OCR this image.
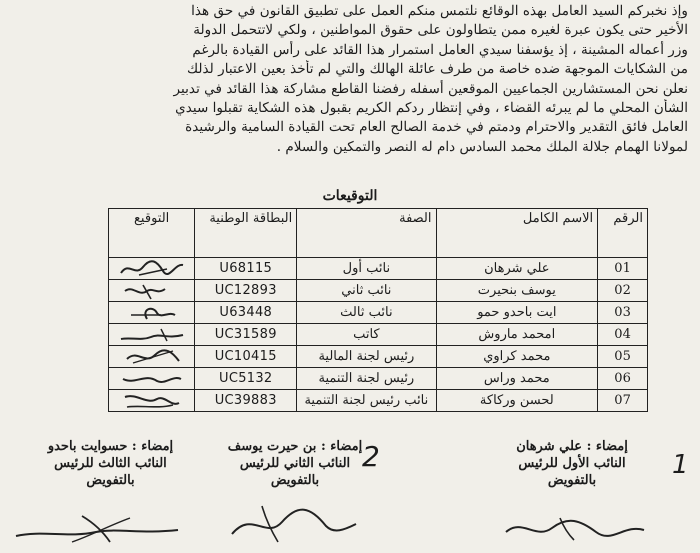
وإذ نخبركم السيد العامل بهذه الوقائع نلتمس منكم العمل على تطبيق القانون في حق هذا
الأخير حتى يكون عبرة لغيره ممن يتطاولون على حقوق المواطنين ، ولكي لاتتحمل الدولة
وزر أعماله المشينة ، إذ يؤسفنا سيدي العامل استمرار هذا القائد على رأس القيادة بالرغم
من الشكايات الموجهة ضده خاصة من طرف عائلة الهالك والتي لم تأخذ بعين الاعتبار لذلك
نعلن نحن المستشارين الجماعيين الموقعين أسفله رفضنا القاطع مشاركة هذا القائد في تدبير
الشأن المحلي ما لم يبرئه القضاء ، وفي إنتظار ردكم الكريم بقبول هذه الشكاية تقبلوا سيدي
العامل فائق التقدير والاحترام ودمتم في خدمة الصالح العام تحت القيادة السامية والرشيدة
لمولانا الهمام جلالة الملك محمد السادس دام له النصر والتمكين والسلام .
التوقيعات
الرقم	الاسم الكامل	الصفة	البطاقة الوطنية	التوقيع
01	علي شرهان	نائب أول	U68115	

02	يوسف بنحيرت	نائب ثاني	UC12893	

03	ايت باحدو حمو	نائب ثالث	U63448	

04	امحمد ماروش	كاتب	UC31589	

05	محمد كراوي	رئيس لجنة المالية	UC10415	

06	محمد وراس	رئيس لجنة التنمية	UC5132	

07	لحسن وركاكة	نائب رئيس لجنة التنمية	UC39883	
إمضاء : علي شرهان
النائب الأول للرئيس
بالتفويض
1
إمضاء : بن حيرت يوسف
النائب الثاني للرئيس
بالتفويض
2
إمضاء : حسوايت باحدو
النائب الثالث للرئيس
بالتفويض
